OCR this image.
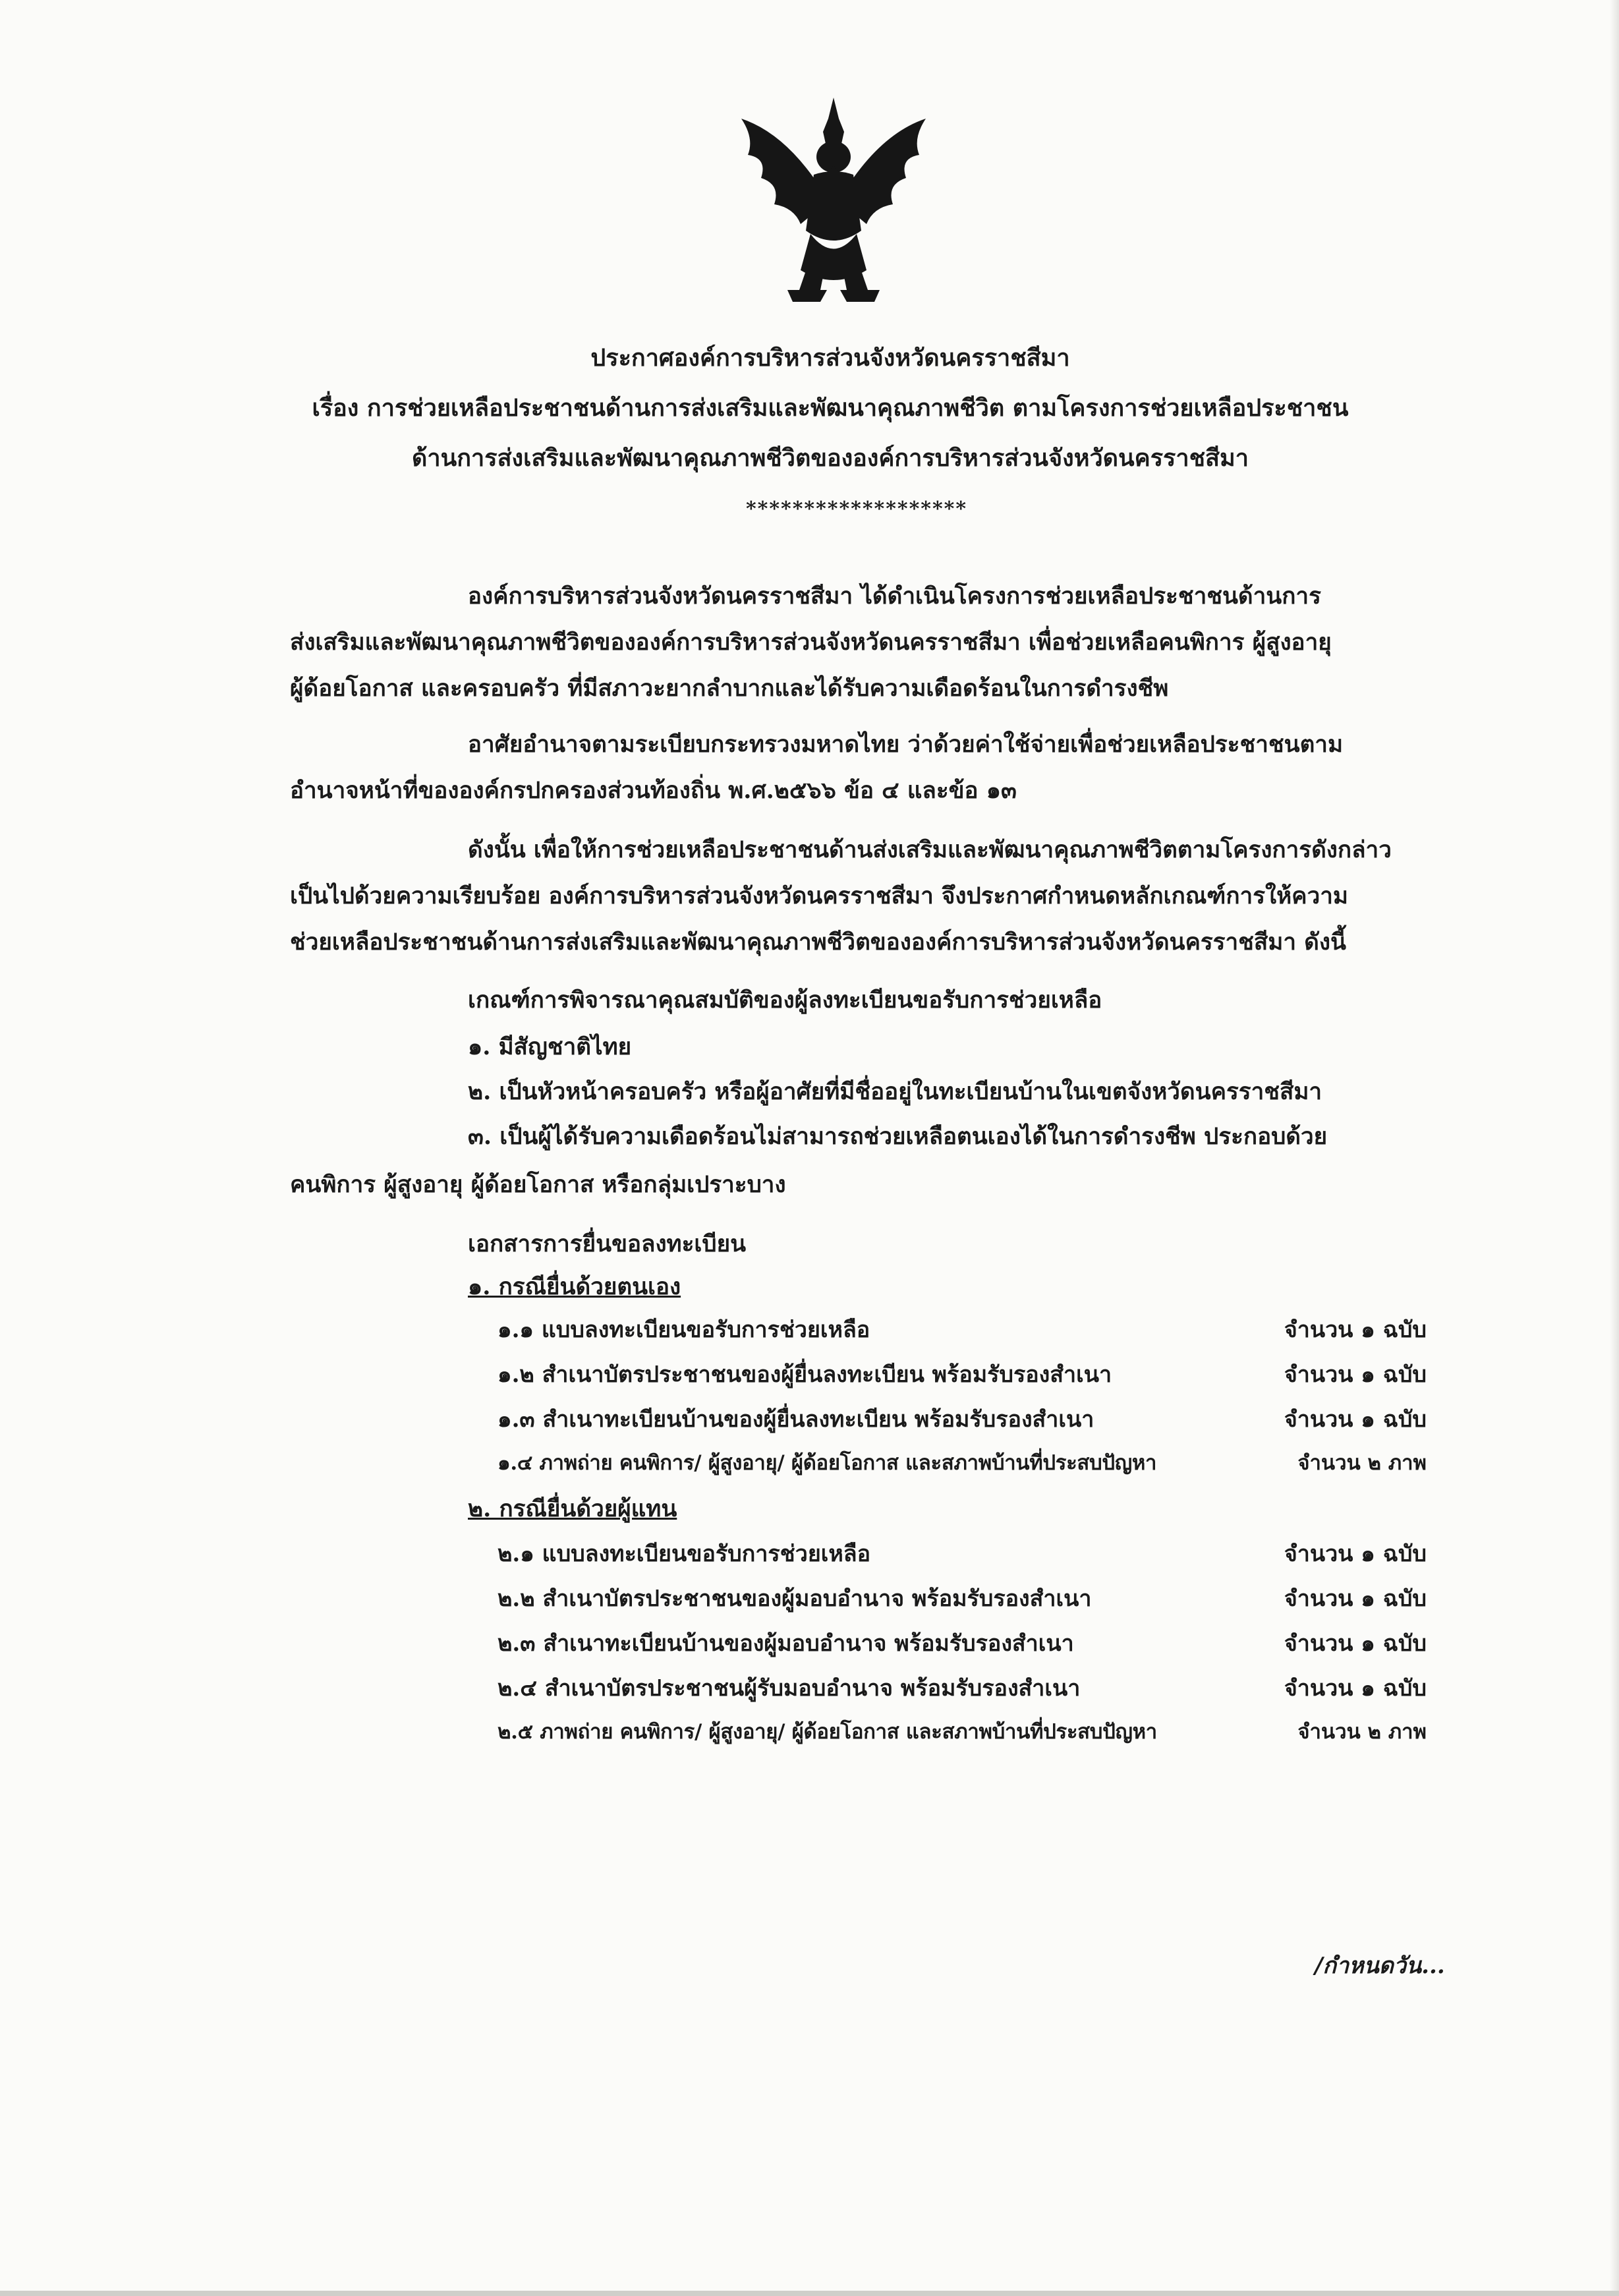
ประกาศองค์การบริหารส่วนจังหวัดนครราชสีมา
เรื่อง การช่วยเหลือประชาชนด้านการส่งเสริมและพัฒนาคุณภาพชีวิต ตามโครงการช่วยเหลือประชาชน
ด้านการส่งเสริมและพัฒนาคุณภาพชีวิตขององค์การบริหารส่วนจังหวัดนครราชสีมา
*******************
องค์การบริหารส่วนจังหวัดนครราชสีมา ได้ดำเนินโครงการช่วยเหลือประชาชนด้านการ
ส่งเสริมและพัฒนาคุณภาพชีวิตขององค์การบริหารส่วนจังหวัดนครราชสีมา เพื่อช่วยเหลือคนพิการ ผู้สูงอายุ
ผู้ด้อยโอกาส และครอบครัว ที่มีสภาวะยากลำบากและได้รับความเดือดร้อนในการดำรงชีพ
อาศัยอำนาจตามระเบียบกระทรวงมหาดไทย ว่าด้วยค่าใช้จ่ายเพื่อช่วยเหลือประชาชนตาม
อำนาจหน้าที่ขององค์กรปกครองส่วนท้องถิ่น พ.ศ.๒๕๖๖ ข้อ ๔ และข้อ ๑๓
ดังนั้น เพื่อให้การช่วยเหลือประชาชนด้านส่งเสริมและพัฒนาคุณภาพชีวิตตามโครงการดังกล่าว
เป็นไปด้วยความเรียบร้อย องค์การบริหารส่วนจังหวัดนครราชสีมา จึงประกาศกำหนดหลักเกณฑ์การให้ความ
ช่วยเหลือประชาชนด้านการส่งเสริมและพัฒนาคุณภาพชีวิตขององค์การบริหารส่วนจังหวัดนครราชสีมา ดังนี้
เกณฑ์การพิจารณาคุณสมบัติของผู้ลงทะเบียนขอรับการช่วยเหลือ
๑. มีสัญชาติไทย
๒. เป็นหัวหน้าครอบครัว หรือผู้อาศัยที่มีชื่ออยู่ในทะเบียนบ้านในเขตจังหวัดนครราชสีมา
๓. เป็นผู้ได้รับความเดือดร้อนไม่สามารถช่วยเหลือตนเองได้ในการดำรงชีพ ประกอบด้วย
คนพิการ ผู้สูงอายุ ผู้ด้อยโอกาส หรือกลุ่มเปราะบาง
เอกสารการยื่นขอลงทะเบียน
๑. กรณียื่นด้วยตนเอง
๑.๑ แบบลงทะเบียนขอรับการช่วยเหลือ	จำนวน ๑ ฉบับ
๑.๒ สำเนาบัตรประชาชนของผู้ยื่นลงทะเบียน พร้อมรับรองสำเนา	จำนวน ๑ ฉบับ
๑.๓ สำเนาทะเบียนบ้านของผู้ยื่นลงทะเบียน พร้อมรับรองสำเนา	จำนวน ๑ ฉบับ
๑.๔ ภาพถ่าย คนพิการ/ ผู้สูงอายุ/ ผู้ด้อยโอกาส และสภาพบ้านที่ประสบปัญหา	จำนวน ๒ ภาพ
๒. กรณียื่นด้วยผู้แทน
๒.๑ แบบลงทะเบียนขอรับการช่วยเหลือ	จำนวน ๑ ฉบับ
๒.๒ สำเนาบัตรประชาชนของผู้มอบอำนาจ พร้อมรับรองสำเนา	จำนวน ๑ ฉบับ
๒.๓ สำเนาทะเบียนบ้านของผู้มอบอำนาจ พร้อมรับรองสำเนา	จำนวน ๑ ฉบับ
๒.๔ สำเนาบัตรประชาชนผู้รับมอบอำนาจ พร้อมรับรองสำเนา	จำนวน ๑ ฉบับ
๒.๕ ภาพถ่าย คนพิการ/ ผู้สูงอายุ/ ผู้ด้อยโอกาส และสภาพบ้านที่ประสบปัญหา	จำนวน ๒ ภาพ
/กำหนดวัน...
